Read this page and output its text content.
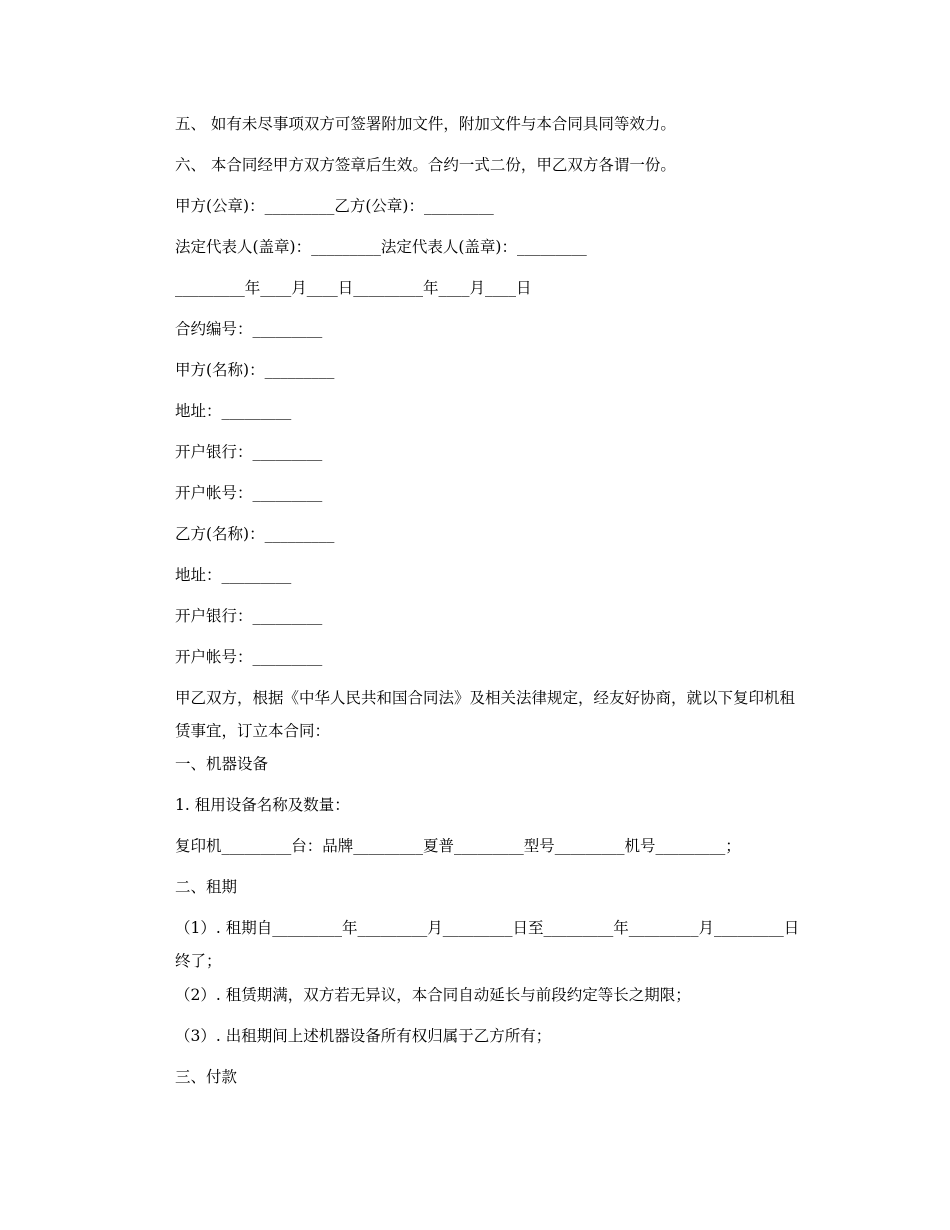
五、 如有未尽事项双方可签署附加文件，附加文件与本合同具同等效力。
六、 本合同经甲方双方签章后生效。合约一式二份，甲乙双方各谓一份。
甲方(公章)：_________乙方(公章)：_________
法定代表人(盖章)：_________法定代表人(盖章)：_________
_________年____月____日_________年____月____日
合约编号：_________
甲方(名称)：_________
地址：_________
开户银行：_________
开户帐号：_________
乙方(名称)：_________
地址：_________
开户银行：_________
开户帐号：_________
甲乙双方，根据《中华人民共和国合同法》及相关法律规定，经友好协商，就以下复印机租赁事宜，订立本合同：
一、机器设备
1. 租用设备名称及数量：
复印机_________台：品牌_________夏普_________型号_________机号_________；
二、租期
（1）. 租期自_________年_________月_________日至_________年_________月_________日终了；
（2）. 租赁期满，双方若无异议，本合同自动延长与前段约定等长之期限；
（3）. 出租期间上述机器设备所有权归属于乙方所有；
三、付款
